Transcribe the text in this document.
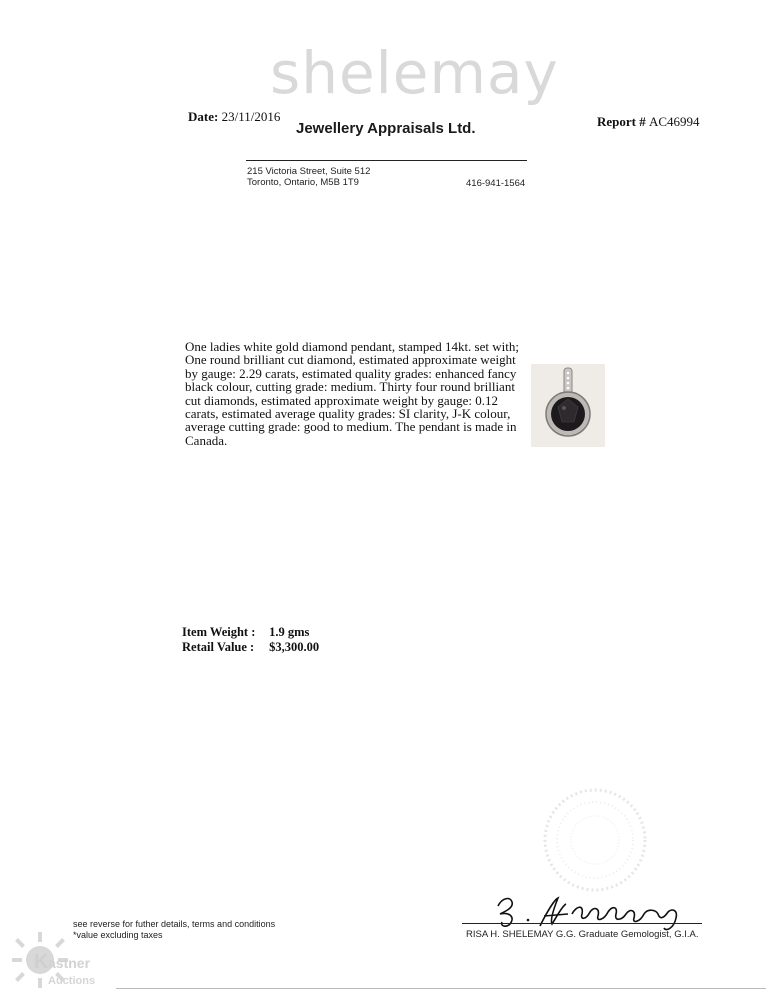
shelemay
Jewellery Appraisals Ltd.
Date: 23/11/2016	Report # AC46994
215 Victoria Street, Suite 512
Toronto, Ontario, M5B 1T9	416-941-1564
One ladies white gold diamond pendant, stamped 14kt. set with; One round brilliant cut diamond, estimated approximate weight by gauge: 2.29 carats, estimated quality grades: enhanced fancy black colour, cutting grade: medium. Thirty four round brilliant cut diamonds, estimated approximate weight by gauge: 0.12 carats, estimated average quality grades: SI clarity, J-K colour, average cutting grade: good to medium. The pendant is made in Canada.
Item Weight : 1.9 gms
Retail Value : $3,300.00
see reverse for futher details, terms and conditions
*value excluding taxes	RISA H. SHELEMAY G.G. Graduate Gemologist, G.I.A.
K astner
Auctions
